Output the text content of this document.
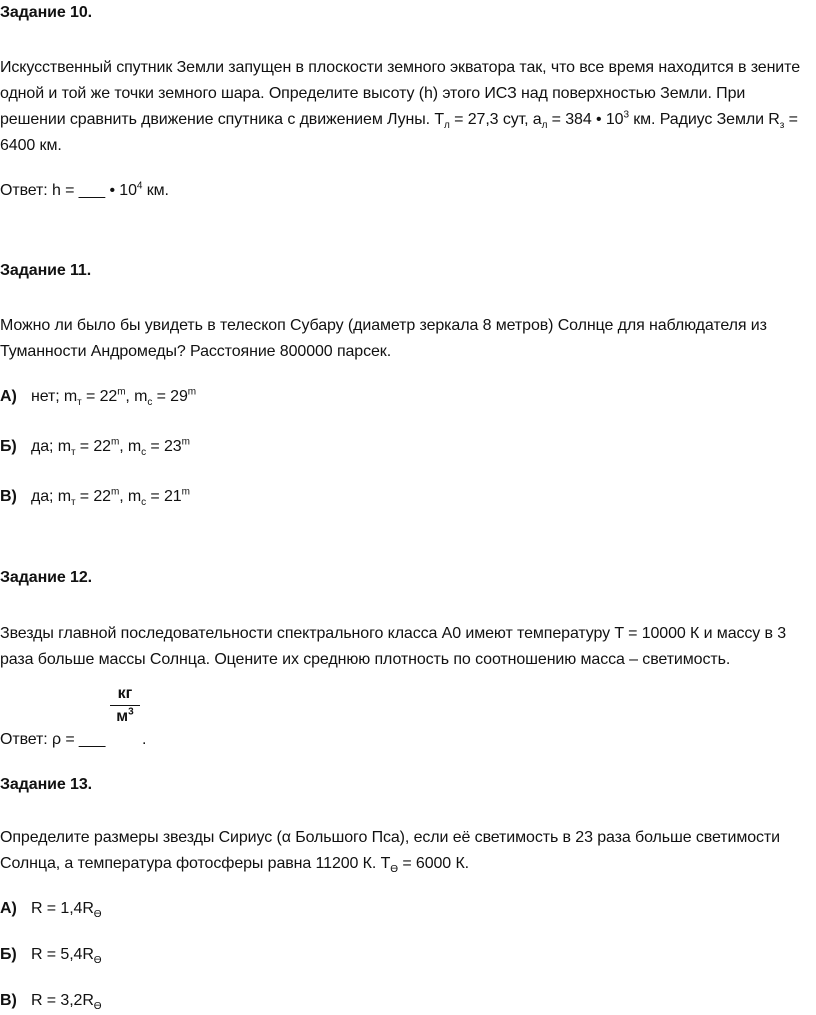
Задание 10.
Искусственный спутник Земли запущен в плоскости земного экватора так, что все время находится в зените
одной и той же точки земного шара. Определите высоту (h) этого ИСЗ над поверхностью Земли. При
решении сравнить движение спутника с движением Луны. $T_л = 27,3$ сут, $a_л = 384$ • $10^3$ км. Радиус Земли $R_з$ =
6400 км.
Ответ: h = ___ • $10^4$ км.
Задание 11.
Можно ли было бы увидеть в телескоп Субару (диаметр зеркала 8 метров) Солнце для наблюдателя из
Туманности Андромеды? Расстояние 800000 парсек.
А) нет; $m_т = 22^m$, $m_c = 29^m$
Б) да; $m_т = 22^m$, $m_c = 23^m$
В) да; $m_т = 22^m$, $m_c = 21^m$
Задание 12.
Звезды главной последовательности спектрального класса А0 имеют температуру T = 10000 К и массу в 3
раза больше массы Солнца. Оцените их среднюю плотность по соотношению масса – светимость.
кг
$м^3$
Ответ: ρ = ___	.
Задание 13.
Определите размеры звезды Сириус (α Большого Пса), если её светимость в 23 раза больше светимости
Солнца, а температура фотосферы равна 11200 К. $T_ϴ = 6000$ К.
А) $R = 1,4R_ϴ$
Б) $R = 5,4R_ϴ$
В) $R = 3,2R_ϴ$
